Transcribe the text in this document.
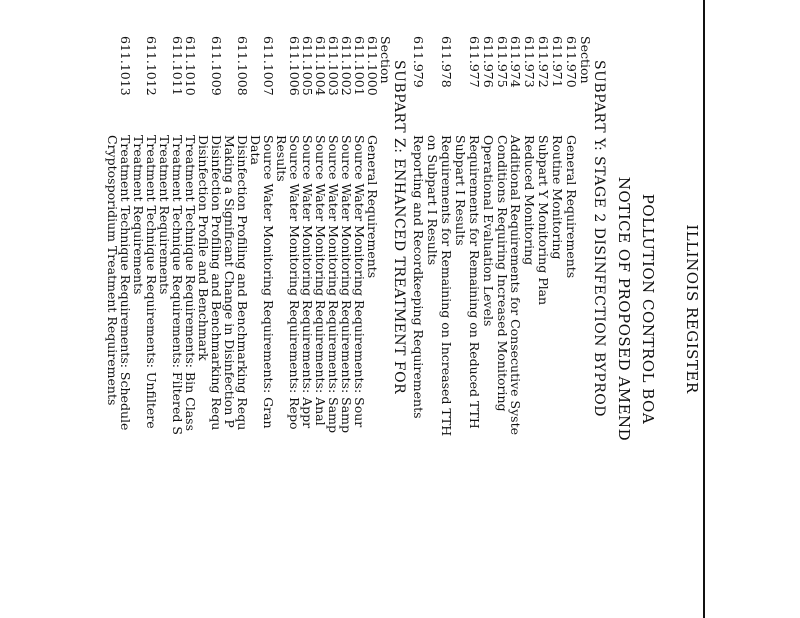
ILLINOIS REGISTER
POLLUTION CONTROL BOA
NOTICE OF PROPOSED AMEND
SUBPART Y: STAGE 2 DISINFECTION BYPROD
Section
611.970
General Requirements
611.971
Routine Monitoring
611.972
Subpart Y Monitoring Plan
611.973
Reduced Monitoring
611.974
Additional Requirements for Consecutive Syste
611.975
Conditions Requiring Increased Monitoring
611.976
Operational Evaluation Levels
611.977
Requirements for Remaining on Reduced TTH
Subpart I Results
611.978
Requirements for Remaining on Increased TTH
on Subpart I Results
611.979
Reporting and Recordkeeping Requirements
SUBPART Z: ENHANCED TREATMENT FOR
Section
611.1000
General Requirements
611.1001
Source Water Monitoring Requirements: Sour
611.1002
Source Water Monitoring Requirements: Samp
611.1003
Source Water Monitoring Requirements: Samp
611.1004
Source Water Monitoring Requirements: Anal
611.1005
Source Water Monitoring Requirements: Appr
611.1006
Source Water Monitoring Requirements: Repo
Results
611.1007
Source Water Monitoring Requirements: Gran
Data
611.1008
Disinfection Profiling and Benchmarking Requ
Making a Significant Change in Disinfection P
611.1009
Disinfection Profiling and Benchmarking Requ
Disinfection Profile and Benchmark
611.1010
Treatment Technique Requirements: Bin Class
611.1011
Treatment Technique Requirements: Filtered S
Treatment Requirements
611.1012
Treatment Technique Requirements: Unfiltere
Treatment Requirements
611.1013
Treatment Technique Requirements: Schedule
Cryptosporidium Treatment Requirements
